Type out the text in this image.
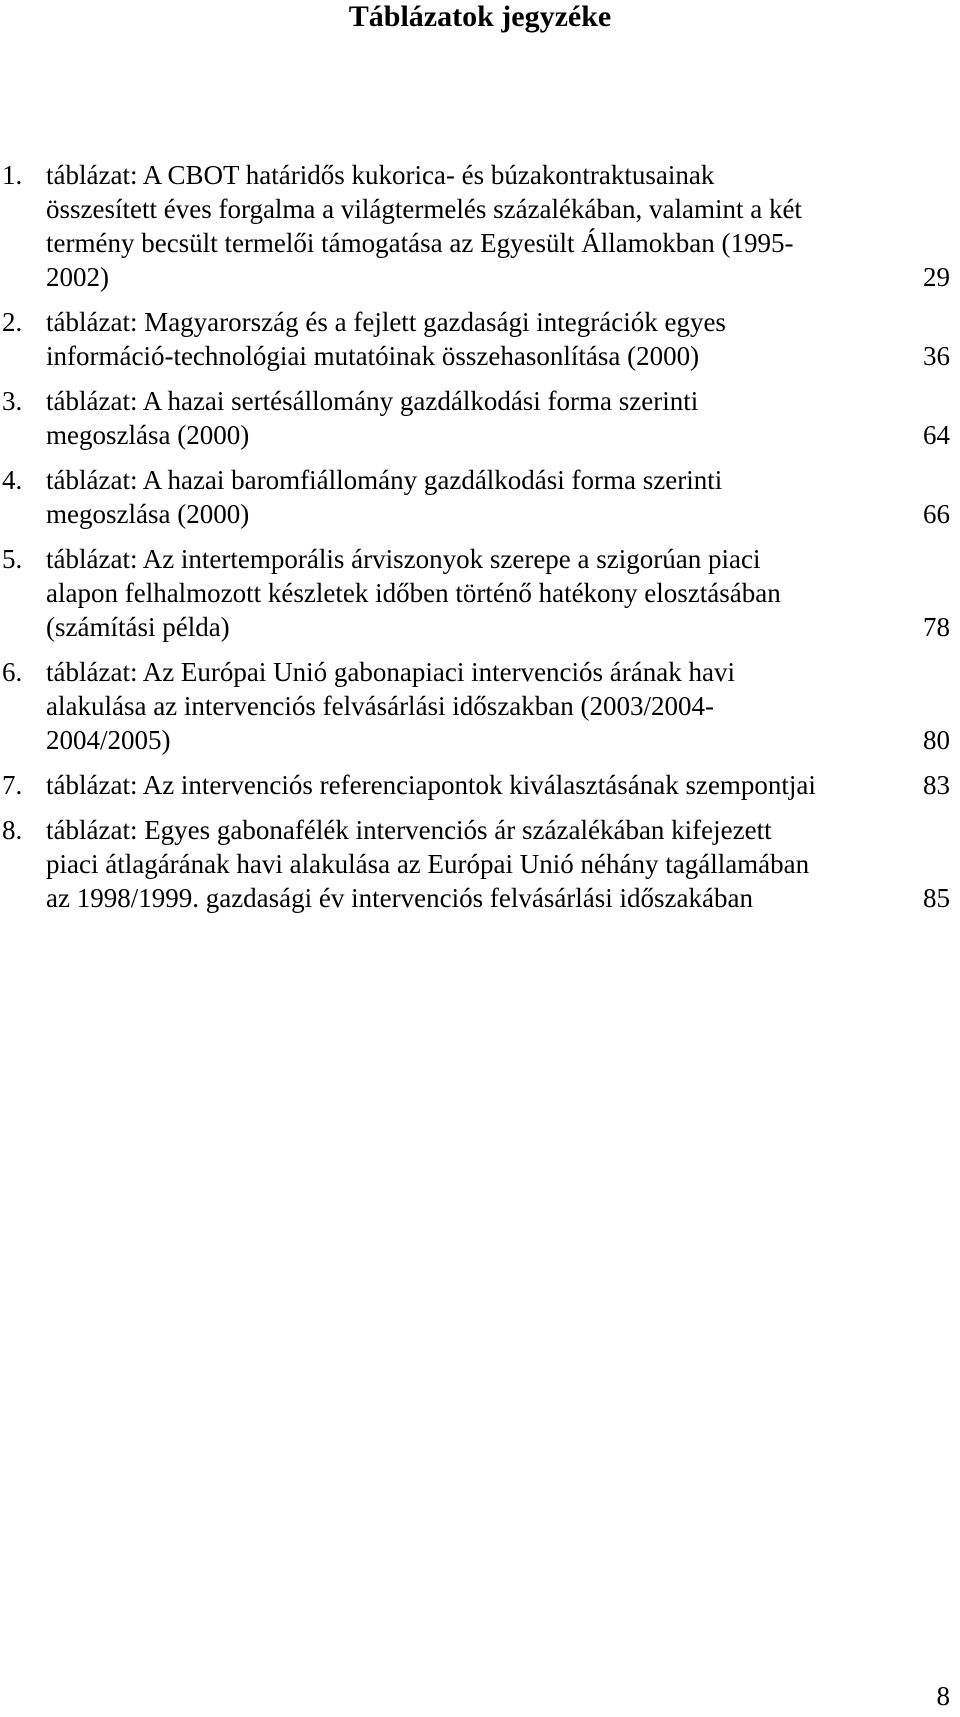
Táblázatok jegyzéke
1. táblázat: A CBOT határidős kukorica- és búzakontraktusainak összesített éves forgalma a világtermelés százalékában, valamint a két termény becsült termelői támogatása az Egyesült Államokban (1995-2002)	29
2. táblázat: Magyarország és a fejlett gazdasági integrációk egyes információ-technológiai mutatóinak összehasonlítása (2000)	36
3. táblázat: A hazai sertésállomány gazdálkodási forma szerinti megoszlása (2000)	64
4. táblázat: A hazai baromfiállomány gazdálkodási forma szerinti megoszlása (2000)	66
5. táblázat: Az intertemporális árviszonyok szerepe a szigorúan piaci alapon felhalmozott készletek időben történő hatékony elosztásában (számítási példa)	78
6. táblázat: Az Európai Unió gabonapiaci intervenciós árának havi alakulása az intervenciós felvásárlási időszakban (2003/2004-2004/2005)	80
7. táblázat: Az intervenciós referenciapontok kiválasztásának szempontjai	83
8. táblázat: Egyes gabonafélék intervenciós ár százalékában kifejezett piaci átlagárának havi alakulása az Európai Unió néhány tagállamában az 1998/1999. gazdasági év intervenciós felvásárlási időszakában	85
8
